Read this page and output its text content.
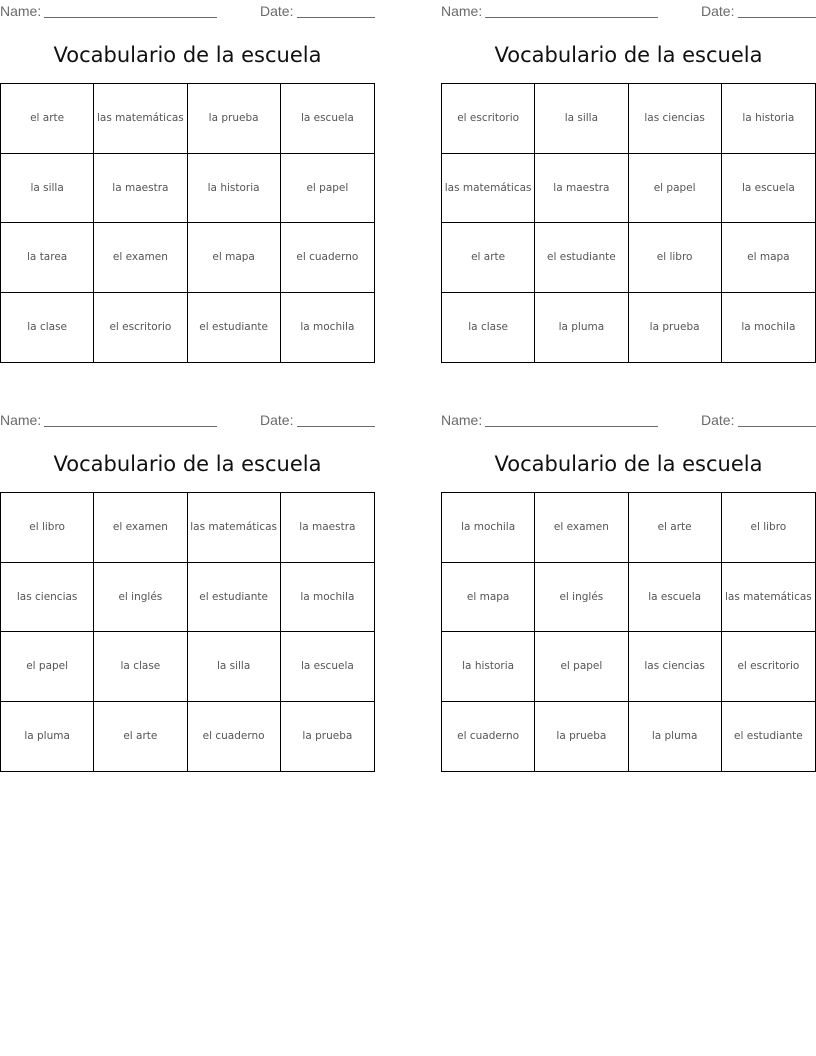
Name:	Date:
Vocabulario de la escuela
el arte	las matemáticas	la prueba	la escuela
la silla	la maestra	la historia	el papel
la tarea	el examen	el mapa	el cuaderno
la clase	el escritorio	el estudiante	la mochila
Name:	Date:
Vocabulario de la escuela
el escritorio	la silla	las ciencias	la historia
las matemáticas	la maestra	el papel	la escuela
el arte	el estudiante	el libro	el mapa
la clase	la pluma	la prueba	la mochila
Name:	Date:
Vocabulario de la escuela
el libro	el examen	las matemáticas	la maestra
las ciencias	el inglés	el estudiante	la mochila
el papel	la clase	la silla	la escuela
la pluma	el arte	el cuaderno	la prueba
Name:	Date:
Vocabulario de la escuela
la mochila	el examen	el arte	el libro
el mapa	el inglés	la escuela	las matemáticas
la historia	el papel	las ciencias	el escritorio
el cuaderno	la prueba	la pluma	el estudiante
